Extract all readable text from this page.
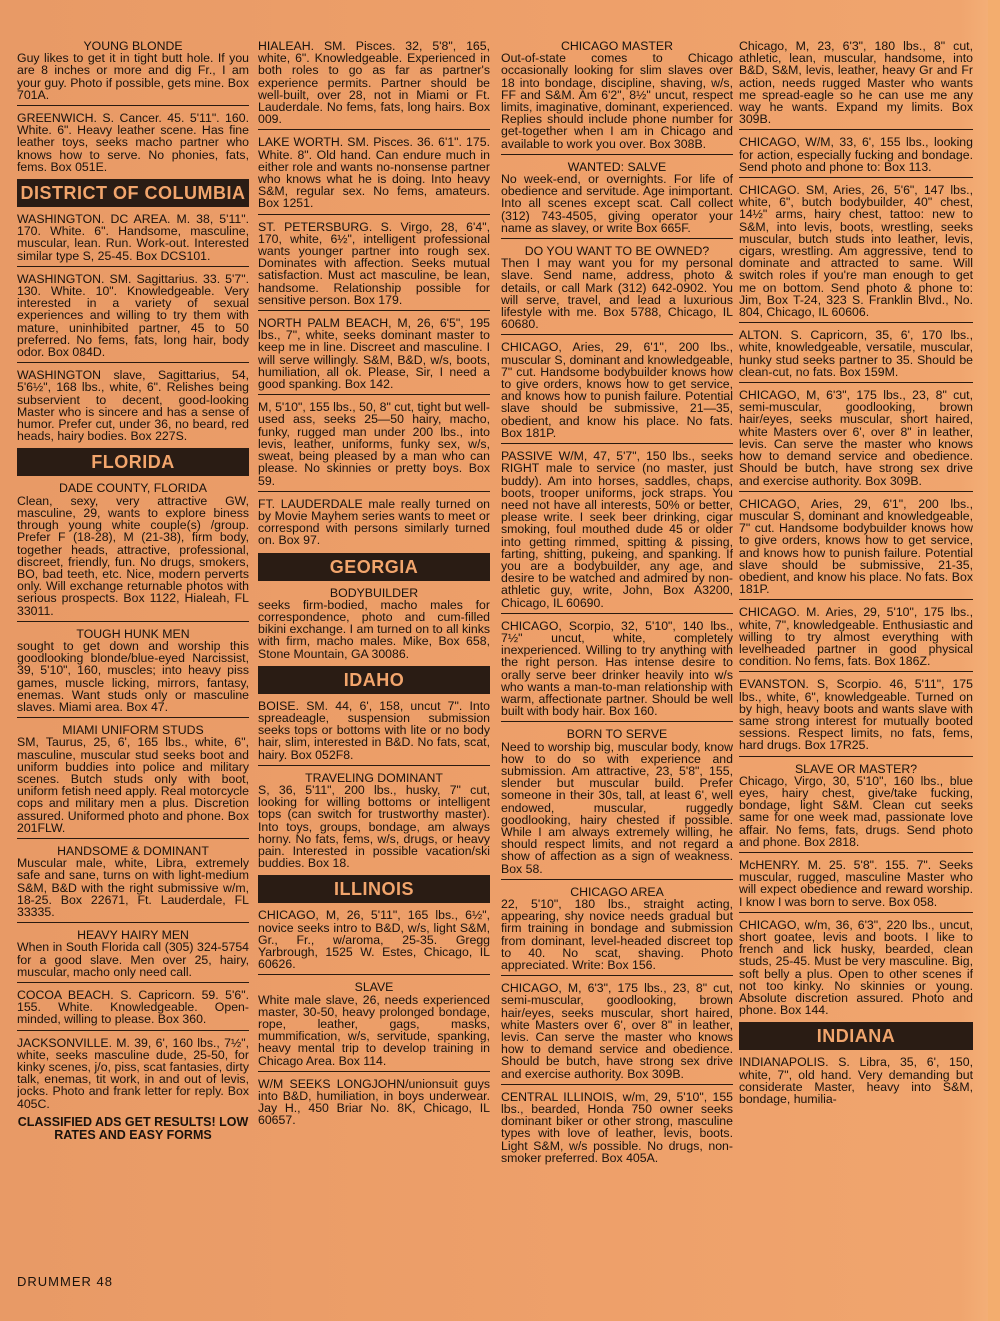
YOUNG BLONDE
Guy likes to get it in tight butt hole. If you are 8 inches or more and dig Fr., I am your guy. Photo if possible, gets mine. Box 701A.
GREENWICH. S. Cancer. 45. 5'11". 160. White. 6". Heavy leather scene. Has fine leather toys, seeks macho partner who knows how to serve. No phonies, fats, fems. Box 051E.
DISTRICT OF COLUMBIA
WASHINGTON. DC AREA. M. 38, 5'11". 170. White. 6". Handsome, masculine, muscular, lean. Run. Work-out. Interested similar type S, 25-45. Box DCS101.
WASHINGTON. SM. Sagittarius. 33. 5'7". 130. White. 10". Knowledgeable. Very interested in a variety of sexual experiences and willing to try them with mature, uninhibited partner, 45 to 50 preferred. No fems, fats, long hair, body odor. Box 084D.
WASHINGTON slave, Sagittarius, 54, 5'6½", 168 lbs., white, 6". Relishes being subservient to decent, good-looking Master who is sincere and has a sense of humor. Prefer cut, under 36, no beard, red heads, hairy bodies. Box 227S.
FLORIDA
DADE COUNTY, FLORIDA
Clean, sexy, very attractive GW, masculine, 29, wants to explore biness through young white couple(s) /group. Prefer F (18-28), M (21-38), firm body, together heads, attractive, professional, discreet, friendly, fun. No drugs, smokers, BO, bad teeth, etc. Nice, modern perverts only. Will exchange returnable photos with serious prospects. Box 1122, Hialeah, FL 33011.
TOUGH HUNK MEN
sought to get down and worship this goodlooking blonde/blue-eyed Narcissist, 39, 5'10", 160, muscles; into heavy piss games, muscle licking, mirrors, fantasy, enemas. Want studs only or masculine slaves. Miami area. Box 47.
MIAMI UNIFORM STUDS
SM, Taurus, 25, 6', 165 lbs., white, 6", masculine, muscular stud seeks boot and uniform buddies into police and military scenes. Butch studs only with boot, uniform fetish need apply. Real motorcycle cops and military men a plus. Discretion assured. Uniformed photo and phone. Box 201FLW.
HANDSOME & DOMINANT
Muscular male, white, Libra, extremely safe and sane, turns on with light-medium S&M, B&D with the right submissive w/m, 18-25. Box 22671, Ft. Lauderdale, FL 33335.
HEAVY HAIRY MEN
When in South Florida call (305) 324-5754 for a good slave. Men over 25, hairy, muscular, macho only need call.
COCOA BEACH. S. Capricorn. 59. 5'6". 155. White. Knowledgeable. Open-minded, willing to please. Box 360.
JACKSONVILLE. M. 39, 6', 160 lbs., 7½", white, seeks masculine dude, 25-50, for kinky scenes, j/o, piss, scat fantasies, dirty talk, enemas, tit work, in and out of levis, jocks. Photo and frank letter for reply. Box 405C.
CLASSIFIED ADS GET RESULTS! LOW RATES AND EASY FORMS
HIALEAH. SM. Pisces. 32, 5'8", 165, white, 6". Knowledgeable. Experienced in both roles to go as far as partner's experience permits. Partner should be well-built, over 28, not in Miami or Ft. Lauderdale. No fems, fats, long hairs. Box 009.
LAKE WORTH. SM. Pisces. 36. 6'1". 175. White. 8". Old hand. Can endure much in either role and wants no-nonsense partner who knows what he is doing. Into heavy S&M, regular sex. No fems, amateurs. Box 1251.
ST. PETERSBURG. S. Virgo, 28, 6'4", 170, white, 6½", intelligent professional wants younger partner into rough sex. Dominates with affection. Seeks mutual satisfaction. Must act masculine, be lean, handsome. Relationship possible for sensitive person. Box 179.
NORTH PALM BEACH, M, 26, 6'5", 195 lbs., 7", white, seeks dominant master to keep me in line. Discreet and masculine. I will serve willingly. S&M, B&D, w/s, boots, humiliation, all ok. Please, Sir, I need a good spanking. Box 142.
M, 5'10", 155 lbs., 50, 8" cut, tight but well-used ass, seeks 25—50 hairy, macho, funky, rugged man under 200 lbs., into levis, leather, uniforms, funky sex, w/s, sweat, being pleased by a man who can please. No skinnies or pretty boys. Box 59.
FT. LAUDERDALE male really turned on by Movie Mayhem series wants to meet or correspond with persons similarly turned on. Box 97.
GEORGIA
BODYBUILDER
seeks firm-bodied, macho males for correspondence, photo and cum-filled bikini exchange. I am turned on to all kinks with firm, macho males. Mike, Box 658, Stone Mountain, GA 30086.
IDAHO
BOISE. SM. 44, 6', 158, uncut 7". Into spreadeagle, suspension submission seeks tops or bottoms with lite or no body hair, slim, interested in B&D. No fats, scat, hairy. Box 052F8.
TRAVELING DOMINANT
S, 36, 5'11", 200 lbs., husky, 7" cut, looking for willing bottoms or intelligent tops (can switch for trustworthy master). Into toys, groups, bondage, am always horny. No fats, fems, w/s, drugs, or heavy pain. Interested in possible vacation/ski buddies. Box 18.
ILLINOIS
CHICAGO, M, 26, 5'11", 165 lbs., 6½", novice seeks intro to B&D, w/s, light S&M, Gr., Fr., w/aroma, 25-35. Gregg Yarbrough, 1525 W. Estes, Chicago, IL 60626.
SLAVE
White male slave, 26, needs experienced master, 30-50, heavy prolonged bondage, rope, leather, gags, masks, mummification, w/s, servitude, spanking, heavy mental trip to develop training in Chicago Area. Box 114.
W/M SEEKS LONGJOHN/unionsuit guys into B&D, humiliation, in boys underwear. Jay H., 450 Briar No. 8K, Chicago, IL 60657.
CHICAGO MASTER
Out-of-state comes to Chicago occasionally looking for slim slaves over 18 into bondage, discipline, shaving, w/s, FF and S&M. Am 6'2", 8½" uncut, respect limits, imaginative, dominant, experienced. Replies should include phone number for get-together when I am in Chicago and available to work you over. Box 308B.
WANTED: SALVE
No week-end, or overnights. For life of obedience and servitude. Age inimportant. Into all scenes except scat. Call collect (312) 743-4505, giving operator your name as slavey, or write Box 665F.
DO YOU WANT TO BE OWNED?
Then I may want you for my personal slave. Send name, address, photo & details, or call Mark (312) 642-0902. You will serve, travel, and lead a luxurious lifestyle with me. Box 5788, Chicago, IL 60680.
CHICAGO, Aries, 29, 6'1", 200 lbs., muscular S, dominant and knowledgeable, 7" cut. Handsome bodybuilder knows how to give orders, knows how to get service, and knows how to punish failure. Potential slave should be submissive, 21—35, obedient, and know his place. No fats. Box 181P.
PASSIVE W/M, 47, 5'7", 150 lbs., seeks RIGHT male to service (no master, just buddy). Am into horses, saddles, chaps, boots, trooper uniforms, jock straps. You need not have all interests, 50% or better, please write. I seek beer drinking, cigar smoking, foul mouthed dude 45 or older into getting rimmed, spitting & pissing, farting, shitting, pukeing, and spanking. If you are a bodybuilder, any age, and desire to be watched and admired by non-athletic guy, write, John, Box A3200, Chicago, IL 60690.
CHICAGO, Scorpio, 32, 5'10", 140 lbs., 7½" uncut, white, completely inexperienced. Willing to try anything with the right person. Has intense desire to orally serve beer drinker heavily into w/s who wants a man-to-man relationship with warm, affectionate partner. Should be well built with body hair. Box 160.
BORN TO SERVE
Need to worship big, muscular body, know how to do so with experience and submission. Am attractive, 23, 5'8", 155, slender but muscular build. Prefer someone in their 30s, tall, at least 6', well endowed, muscular, ruggedly goodlooking, hairy chested if possible. While I am always extremely willing, he should respect limits, and not regard a show of affection as a sign of weakness. Box 58.
CHICAGO AREA
22, 5'10", 180 lbs., straight acting, appearing, shy novice needs gradual but firm training in bondage and submission from dominant, level-headed discreet top to 40. No scat, shaving. Photo appreciated. Write: Box 156.
CHICAGO, M, 6'3", 175 lbs., 23, 8" cut, semi-muscular, goodlooking, brown hair/eyes, seeks muscular, short haired, white Masters over 6', over 8" in leather, levis. Can serve the master who knows how to demand service and obedience. Should be butch, have strong sex drive and exercise authority. Box 309B.
CENTRAL ILLINOIS, w/m, 29, 5'10", 155 lbs., bearded, Honda 750 owner seeks dominant biker or other strong, masculine types with love of leather, levis, boots. Light S&M, w/s possible. No drugs, non-smoker preferred. Box 405A.
Chicago, M, 23, 6'3", 180 lbs., 8" cut, athletic, lean, muscular, handsome, into B&D, S&M, levis, leather, heavy Gr and Fr action, needs rugged Master who wants me spread-eagle so he can use me any way he wants. Expand my limits. Box 309B.
CHICAGO, W/M, 33, 6', 155 lbs., looking for action, especially fucking and bondage. Send photo and phone to: Box 113.
CHICAGO. SM, Aries, 26, 5'6", 147 lbs., white, 6", butch bodybuilder, 40" chest, 14½" arms, hairy chest, tattoo: new to S&M, into levis, boots, wrestling, seeks muscular, butch studs into leather, levis, cigars, wrestling. Am aggressive, tend to dominate and attracted to same. Will switch roles if you're man enough to get me on bottom. Send photo & phone to: Jim, Box T-24, 323 S. Franklin Blvd., No. 804, Chicago, IL 60606.
ALTON. S. Capricorn, 35, 6', 170 lbs., white, knowledgeable, versatile, muscular, hunky stud seeks partner to 35. Should be clean-cut, no fats. Box 159M.
CHICAGO, M, 6'3", 175 lbs., 23, 8" cut, semi-muscular, goodlooking, brown hair/eyes, seeks muscular, short haired, white Masters over 6', over 8" in leather, levis. Can serve the master who knows how to demand service and obedience. Should be butch, have strong sex drive and exercise authority. Box 309B.
CHICAGO, Aries, 29, 6'1", 200 lbs., muscular S, dominant and knowledgeable, 7" cut. Handsome bodybuilder knows how to give orders, knows how to get service, and knows how to punish failure. Potential slave should be submissive, 21-35, obedient, and know his place. No fats. Box 181P.
CHICAGO. M. Aries, 29, 5'10", 175 lbs., white, 7", knowledgeable. Enthusiastic and willing to try almost everything with levelheaded partner in good physical condition. No fems, fats. Box 186Z.
EVANSTON. S, Scorpio. 46, 5'11", 175 lbs., white, 6", knowledgeable. Turned on by high, heavy boots and wants slave with same strong interest for mutually booted sessions. Respect limits, no fats, fems, hard drugs. Box 17R25.
SLAVE OR MASTER?
Chicago, Virgo, 30, 5'10", 160 lbs., blue eyes, hairy chest, give/take fucking, bondage, light S&M. Clean cut seeks same for one week mad, passionate love affair. No fems, fats, drugs. Send photo and phone. Box 2818.
McHENRY. M. 25. 5'8". 155. 7". Seeks muscular, rugged, masculine Master who will expect obedience and reward worship. I know I was born to serve. Box 058.
CHICAGO, w/m, 36, 6'3", 220 lbs., uncut, short goatee, levis and boots. I like to french and lick husky, bearded, clean studs, 25-45. Must be very masculine. Big, soft belly a plus. Open to other scenes if not too kinky. No skinnies or young. Absolute discretion assured. Photo and phone. Box 144.
INDIANA
INDIANAPOLIS. S. Libra, 35, 6', 150, white, 7", old hand. Very demanding but considerate Master, heavy into S&M, bondage, humilia-
DRUMMER 48
